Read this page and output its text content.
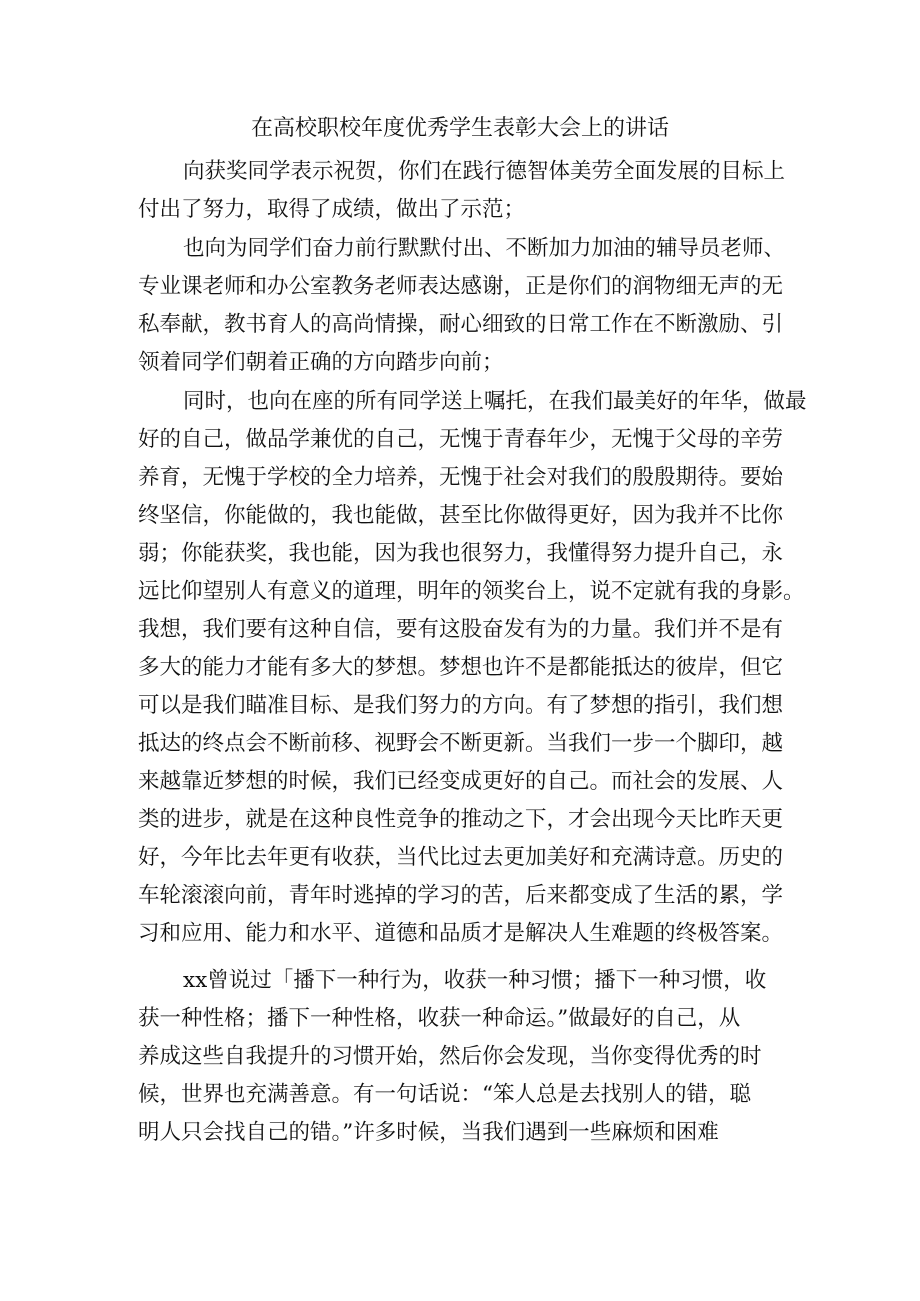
在高校职校年度优秀学生表彰大会上的讲话
向获奖同学表示祝贺，你们在践行德智体美劳全面发展的目标上
付出了努力，取得了成绩，做出了示范；
也向为同学们奋力前行默默付出、不断加力加油的辅导员老师、
专业课老师和办公室教务老师表达感谢，正是你们的润物细无声的无
私奉献，教书育人的高尚情操，耐心细致的日常工作在不断激励、引
领着同学们朝着正确的方向踏步向前；
同时，也向在座的所有同学送上嘱托，在我们最美好的年华，做最
好的自己，做品学兼优的自己，无愧于青春年少，无愧于父母的辛劳
养育，无愧于学校的全力培养，无愧于社会对我们的殷殷期待。要始
终坚信，你能做的，我也能做，甚至比你做得更好，因为我并不比你
弱；你能获奖，我也能，因为我也很努力，我懂得努力提升自己，永
远比仰望别人有意义的道理，明年的领奖台上，说不定就有我的身影。
我想，我们要有这种自信，要有这股奋发有为的力量。我们并不是有
多大的能力才能有多大的梦想。梦想也许不是都能抵达的彼岸，但它
可以是我们瞄准目标、是我们努力的方向。有了梦想的指引，我们想
抵达的终点会不断前移、视野会不断更新。当我们一步一个脚印，越
来越靠近梦想的时候，我们已经变成更好的自己。而社会的发展、人
类的进步，就是在这种良性竞争的推动之下，才会出现今天比昨天更
好，今年比去年更有收获，当代比过去更加美好和充满诗意。历史的
车轮滚滚向前，青年时逃掉的学习的苦，后来都变成了生活的累，学
习和应用、能力和水平、道德和品质才是解决人生难题的终极答案。
xx曾说过「播下一种行为，收获一种习惯；播下一种习惯，收
获一种性格；播下一种性格，收获一种命运。”做最好的自己，从
养成这些自我提升的习惯开始，然后你会发现，当你变得优秀的时
候，世界也充满善意。有一句话说：“笨人总是去找别人的错，聪
明人只会找自己的错。”许多时候，当我们遇到一些麻烦和困难
